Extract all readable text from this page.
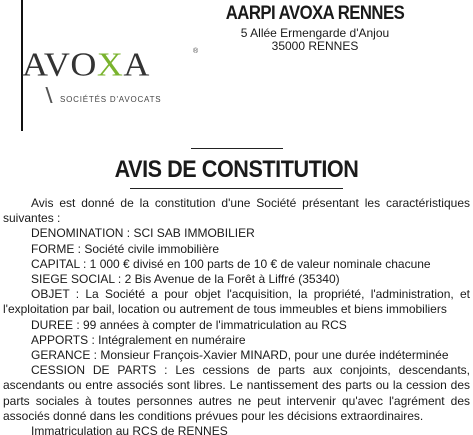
AVOXA	®
SOCIÉTÉS D'AVOCATS
AARPI AVOXA RENNES
5 Allée Ermengarde d'Anjou
35000 RENNES
AVIS DE CONSTITUTION

Avis est donné de la constitution d'une Société présentant les caractéristiques suivantes :

DENOMINATION : SCI SAB IMMOBILIER

FORME : Société civile immobilière

CAPITAL : 1 000 € divisé en 100 parts de 10 € de valeur nominale chacune

SIEGE SOCIAL : 2 Bis Avenue de la Forêt à Liffré (35340)

OBJET : La Société a pour objet l'acquisition, la propriété, l'administration, et l'exploitation par bail, location ou autrement de tous immeubles et biens immobiliers

DUREE : 99 années à compter de l'immatriculation au RCS

APPORTS : Intégralement en numéraire

GERANCE : Monsieur François-Xavier MINARD, pour une durée indéterminée

CESSION DE PARTS : Les cessions de parts aux conjoints, descendants, ascendants ou entre associés sont libres. Le nantissement des parts ou la cession des parts sociales à toutes personnes autres ne peut intervenir qu'avec l'agrément des associés donné dans les conditions prévues pour les décisions extraordinaires.

Immatriculation au RCS de RENNES
